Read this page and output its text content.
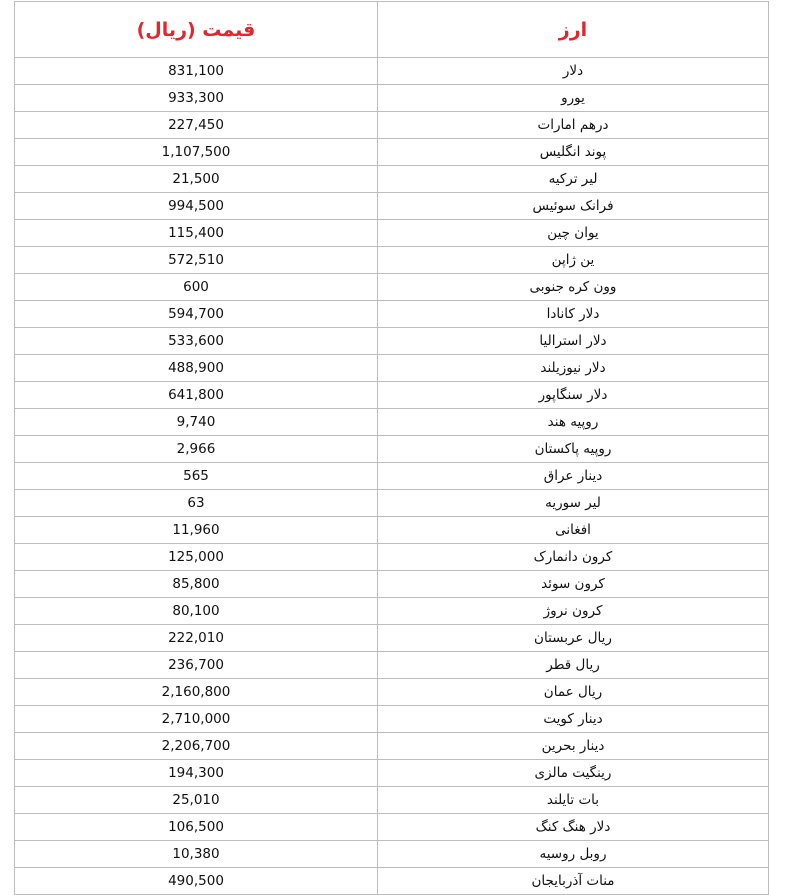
ارز	قیمت (ریال)
دلار	831,100
یورو	933,300
درهم امارات	227,450
پوند انگلیس	1,107,500
لیر ترکیه	21,500
فرانک سوئیس	994,500
یوان چین	115,400
ین ژاپن	572,510
وون کره جنوبی	600
دلار کانادا	594,700
دلار استرالیا	533,600
دلار نیوزیلند	488,900
دلار سنگاپور	641,800
روپیه هند	9,740
روپیه پاکستان	2,966
دینار عراق	565
لیر سوریه	63
افغانی	11,960
کرون دانمارک	125,000
کرون سوئد	85,800
کرون نروژ	80,100
ریال عربستان	222,010
ریال قطر	236,700
ریال عمان	2,160,800
دینار کویت	2,710,000
دینار بحرین	2,206,700
رینگیت مالزی	194,300
بات تایلند	25,010
دلار هنگ کنگ	106,500
روبل روسیه	10,380
منات آذربایجان	490,500
